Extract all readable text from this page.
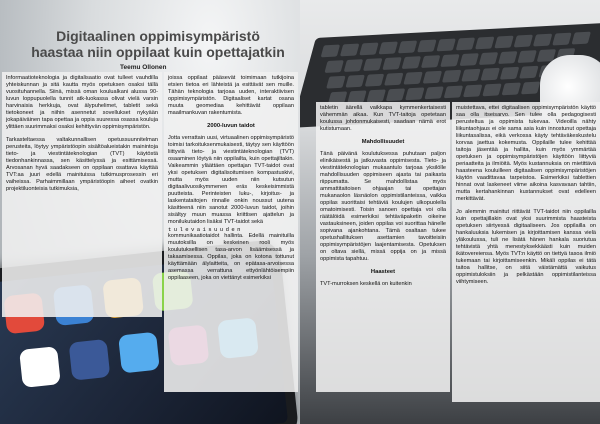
Digitaalinen oppimisympäristö
haastaa niin oppilaat kuin opettajatkin
Teemu Ollonen

Informaatioteknologia ja digitalisaatio ovat tulleet vauhdilla yhteiskunnan ja sitä kautta myös opetuksen osaksi tällä vuosituhannella. Siinä, missä oman koulualkani alussa 90-luvun loppupuolella tunnit atk-luokassa olivat vielä varsin harvinaisia herkkuja, ovat älypuhelimet, tabletit sekä tietokoneet ja niihin asennetut sovellukset nykyään jokapäiväinen tapa opettaa ja oppia suuressa osassa kouluja ylittäen suurimmaksi osaksi kehittyvän oppimisympäristön.

Tarkasteltaessa valtakunnallisen opetussuunnitelman perusteita, löytyy ympäristöopin sisältöalueistakin mainintoja tieto- ja viestintäteknologian (TVT) käytöstä tiedonhankinnassa, sen käsittelyssä ja esittämisessä. Arvosanan hyvä saadakseen on oppilaan osattava käyttää TVT:aa juuri edellä mainituissa tutkimusprosessin eri vaiheissa. Parhaimmillaan ympäristöopin aiheet ovatkin projektiluonteisia tutkimuksia,

joissa oppilaat pääsevät toimimaan tutkijoina etsien tietoa eri lähteistä ja esittävät sen muille. Tähän teknologia tarjoaa uuden, interaktiivisen oppimisympäristön. Digitaaliset kartat osana muuta geomediaa kehittävät oppilaan maailmankuvan rakentumista.

2000-luvun taidot

Jotta verrattain uusi, virtuaalinen oppimisympäristö toimisi tarkoituksenmukaisesti, täytyy sen käyttöön liittyviä tieto- ja viestintäteknologian (TVT) osaaminen löytyä niin oppilailta, kuin opettajiltakin. Vaikeammin yläättäen opettajan TVT-taidot ovat yksi opetuksen digitalisoitumisen kompastuskivi, mutta myös uuden niin kutsutun digitaalivuosikymmenen eräs keskeisimmistä puutteista. Perinteisten luku-, kirjoitus- ja laskentataitojen rinnalle onkin noussut uutena käsitteenä niin sanotut 2000-luvun taidot, joihin sisältyy muun muassa kriittisen ajattelun ja monilukutaidon lisäksi TVT-taidot sekä

tulevaisuuden

kommunikaatiotaidot hallinta. Edellä mainituilla muutoksilla on keskeinen rooli myös koulutuksellisen tasa-arvon lisäämisessä ja takaamisessa. Oppilas, joka on kotona tottunut käyttämään älylaitteita, on epätasa-arvoisessa asemassa verrattuna ettyönlähtöisempiin oppilaaseen, joka on viettänyt esimerkiksi

tabletin äärellä vaikkapa kymmenkertaisesti vähemmän aikaa. Kun TVT-taitoja opetetaan koulussa johdonmukaisesti, saadaan nämä erot kutistumaan.

Mahdollisuudet

Tänä päivänä koulutuksessa puhutaan paljon elinikäisestä ja jatkuvasta oppimisesta. Tieto- ja viestintäteknologian mukaantulo tarjoaa yksilölle mahdollisuuden oppimiseen ajasta tai paikasta riippumatta. Se mahdollistaa myös ammattitaitoisen ohjaajan tai opettajan mukanaolon läsnäolon oppimistilanteissa, vaikka oppilas suorittaisi tehtäviä koulujen ulkopuolella omatoimisesti. Toisin sanoen opettaja voi olla räätälöidä esimerkiksi tehtäväpaketin oikeine vastauksineen, joiden oppilas voi suorittaa hänelle sopivana ajankohtana. Tämä osaltaan tukee opetushallituksen asettamien tavoitteisiin oppimisympäristöjen laajentamisesta. Opetuksen on oltava siellä, missä oppija on ja missä oppimista tapahtuu.

Haasteet

TVT-murroksen keskellä on kuitenkin

muistettava, ettei digitaalisen oppimisympäristön käyttö saa olla itseisarvo. Sen tulee olla pedagogisesti perusteltua ja oppimista tukevaa. Videoilla nähty liikuntaohjaus ei ole sama asia kuin innostunut opettaja liikuntasalissa, eikä verkossa käyty tehtäväkeskustelu korvaa jaettua kokemusta. Oppilaille tulee kehittää taitoja jäsentää ja hallita, kuin myös ymmärtää opetuksen ja oppimisympäristöjen käyttöön liittyviä periaatteita ja ilmiöitä. Myös kustannuksia on mietittävä haasteena kouluilleen digitaalisen oppimisympäristöjen käytön vaadittavaa tarpeistoa. Esimerkiksi tablettien hinnat ovat laskeneet viime aikoina kasvavaan tahtiin, mutta kertahankinnan kustannukset ovat edelleen merkittävät.

Jo alemmin mainitut riittävät TVT-taidot niin oppilailla kuin opettajillakin ovat yksi suurimmista haasteista opetuksen siirtyessä digitaaliseen. Jos oppilailla on hankaluuksia lukemisen ja kirjoittamisen kanssa vielä yläkoulussa, tuli ne lisätä hänen hankala suoriutua tehtävistä yhtä menestyksekkäästi kuin muiden ikätovereiensa. Myös TVT:n käyttö on tiettyä tasoa ilmiö tukemaan tai kirjoittamiseenkin. Mikäli oppilas ei tätä taitoa hallitse, on siitä väistämättä vaikutus oppimistuloksiin ja pelkästään oppimistilanteissa viihtymiseen.
